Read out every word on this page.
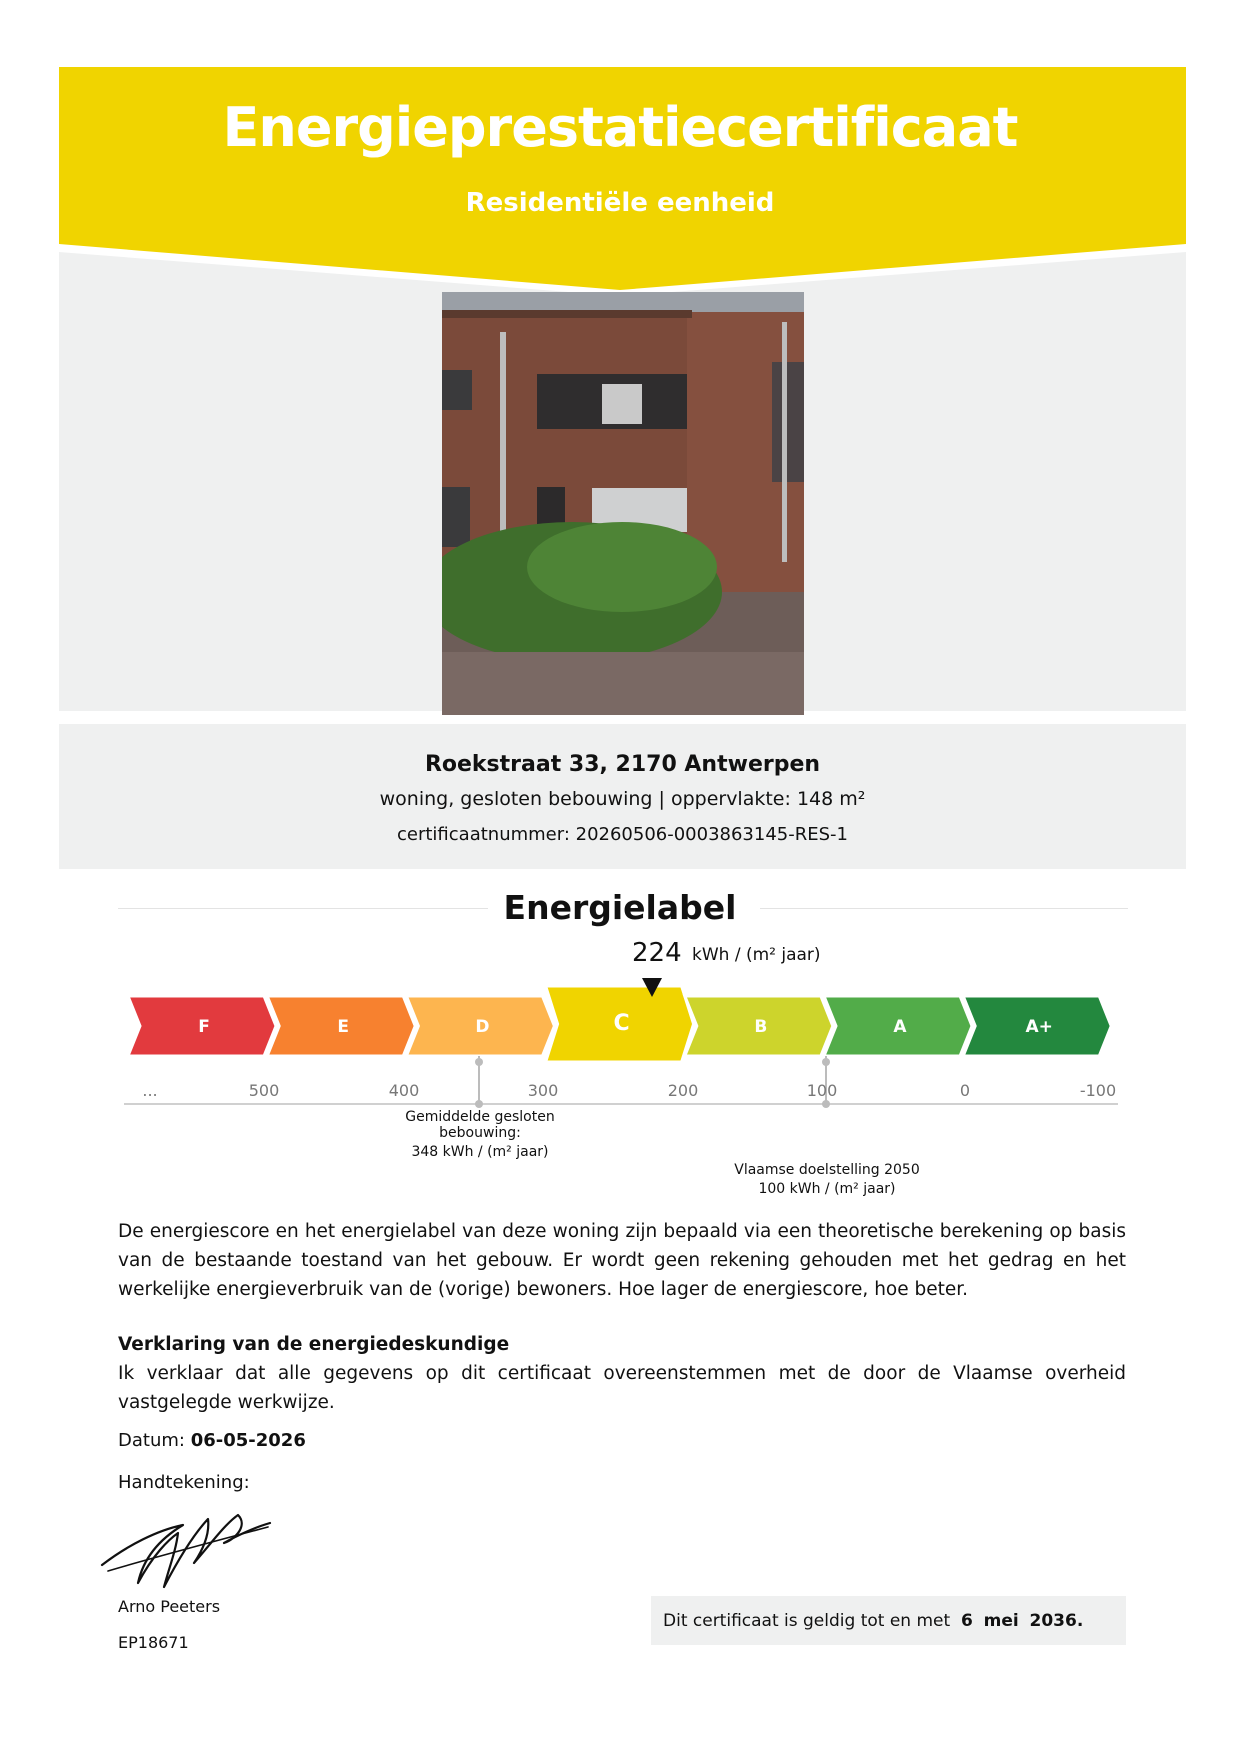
Energieprestatiecertificaat
Residentiële eenheid
Roekstraat 33, 2170 Antwerpen
woning, gesloten bebouwing | oppervlakte: 148 m²
certificaatnummer: 20260506-0003863145-RES-1
Energielabel
224 kWh / (m² jaar)
F	E	D	C	B	A	A+
...	500	400	300	200	100	0	-100
Gemiddelde gesloten bebouwing:
348 kWh / (m² jaar)
Vlaamse doelstelling 2050
100 kWh / (m² jaar)
De energiescore en het energielabel van deze woning zijn bepaald via een theoretische berekening op basis van de bestaande toestand van het gebouw. Er wordt geen rekening gehouden met het gedrag en het werkelijke energieverbruik van de (vorige) bewoners. Hoe lager de energiescore, hoe beter.
Verklaring van de energiedeskundige
Ik verklaar dat alle gegevens op dit certificaat overeenstemmen met de door de Vlaamse overheid vastgelegde werkwijze.
Datum: 06-05-2026
Handtekening:
Arno Peeters
EP18671
Dit certificaat is geldig tot en met 6 mei 2036.
